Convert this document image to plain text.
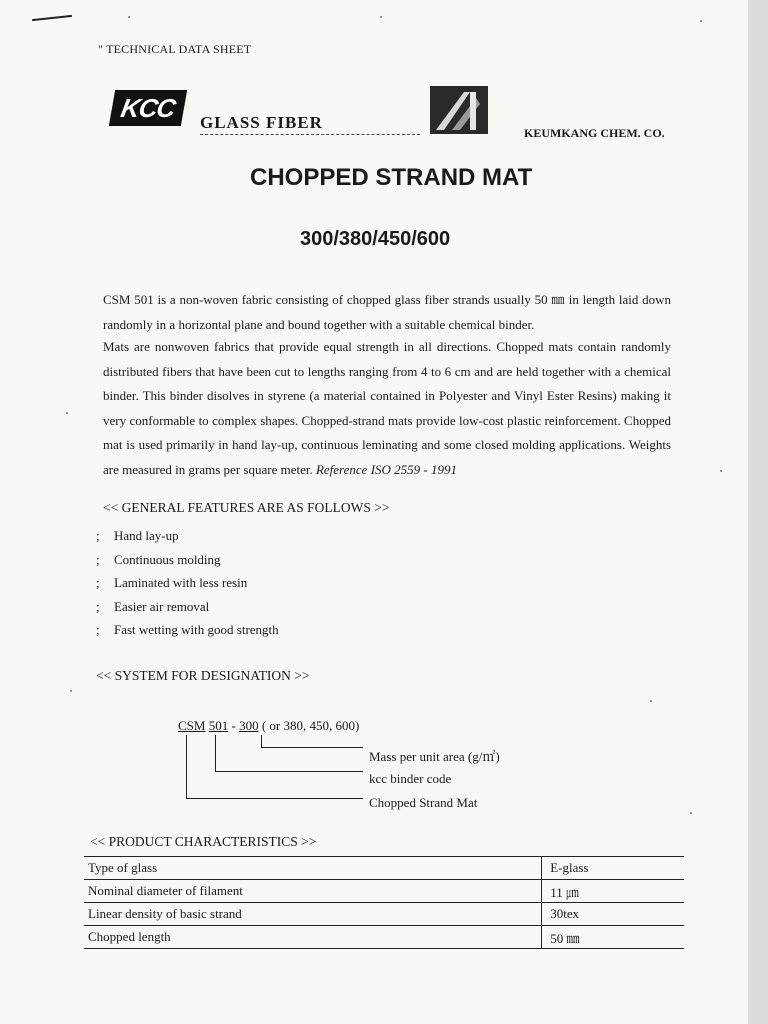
" TECHNICAL DATA SHEET
KCC	GLASS FIBER
KEUMKANG CHEM. CO.
CHOPPED STRAND MAT
300/380/450/600
CSM 501 is a non-woven fabric consisting of chopped glass fiber strands usually 50 ㎜ in length laid down randomly in a horizontal plane and bound together with a suitable chemical binder.
Mats are nonwoven fabrics that provide equal strength in all directions. Chopped mats contain randomly distributed fibers that have been cut to lengths ranging from 4 to 6 cm and are held together with a chemical binder. This binder disolves in styrene (a material contained in Polyester and Vinyl Ester Resins) making it very conformable to complex shapes. Chopped-strand mats provide low-cost plastic reinforcement. Chopped mat is used primarily in hand lay-up, continuous leminating and some closed molding applications. Weights are measured in grams per square meter. Reference ISO 2559 - 1991
<< GENERAL FEATURES ARE AS FOLLOWS >>
; Hand lay-up
; Continuous molding
; Laminated with less resin
; Easier air removal
; Fast wetting with good strength
<< SYSTEM FOR DESIGNATION >>
CSM 501 - 300 ( or 380, 450, 600)
Mass per unit area (g/㎡)
kcc binder code
Chopped Strand Mat
<< PRODUCT CHARACTERISTICS >>
Type of glass	E-glass
Nominal diameter of filament	11 ㎛
Linear density of basic strand	30tex
Chopped length	50 ㎜
